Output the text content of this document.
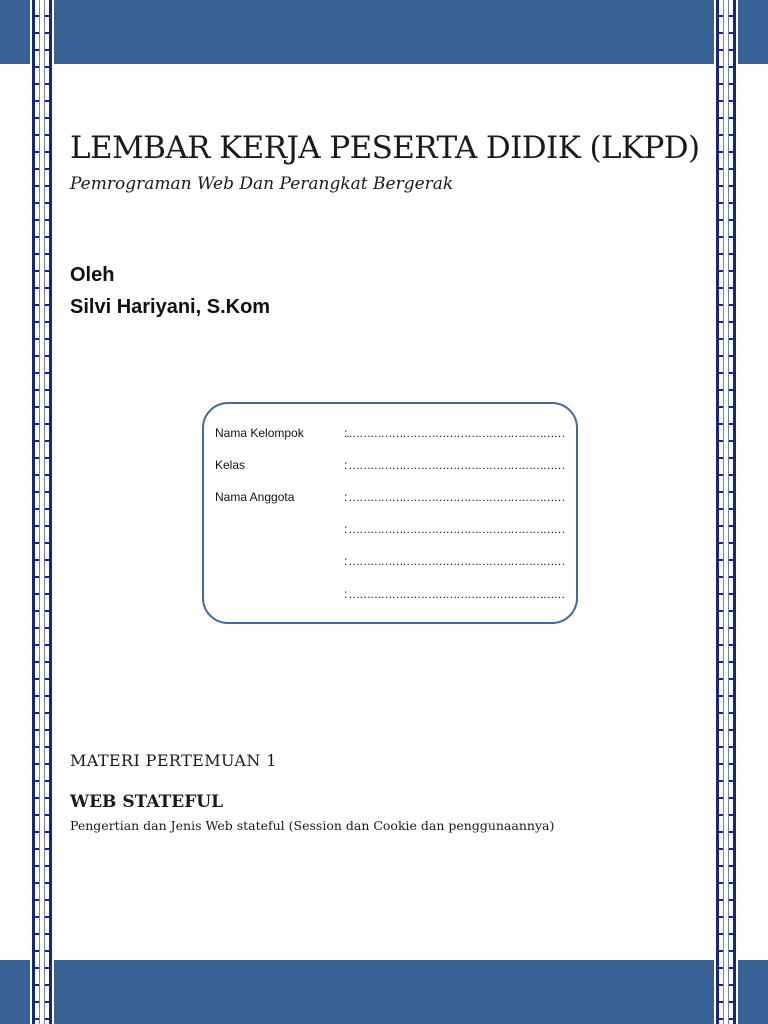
LEMBAR KERJA PESERTA DIDIK (LKPD)
Pemrograman Web Dan Perangkat Bergerak
Oleh
Silvi Hariyani, S.Kom
Nama Kelompok	:.……………………………………………………
Kelas	: ……………………………………………………
Nama Anggota	: ……………………………………………………
: ……………………………………………………
: ……………………………………………………
: ……………………………………………………
MATERI PERTEMUAN 1
WEB STATEFUL
Pengertian dan Jenis Web stateful (Session dan Cookie dan penggunaannya)
